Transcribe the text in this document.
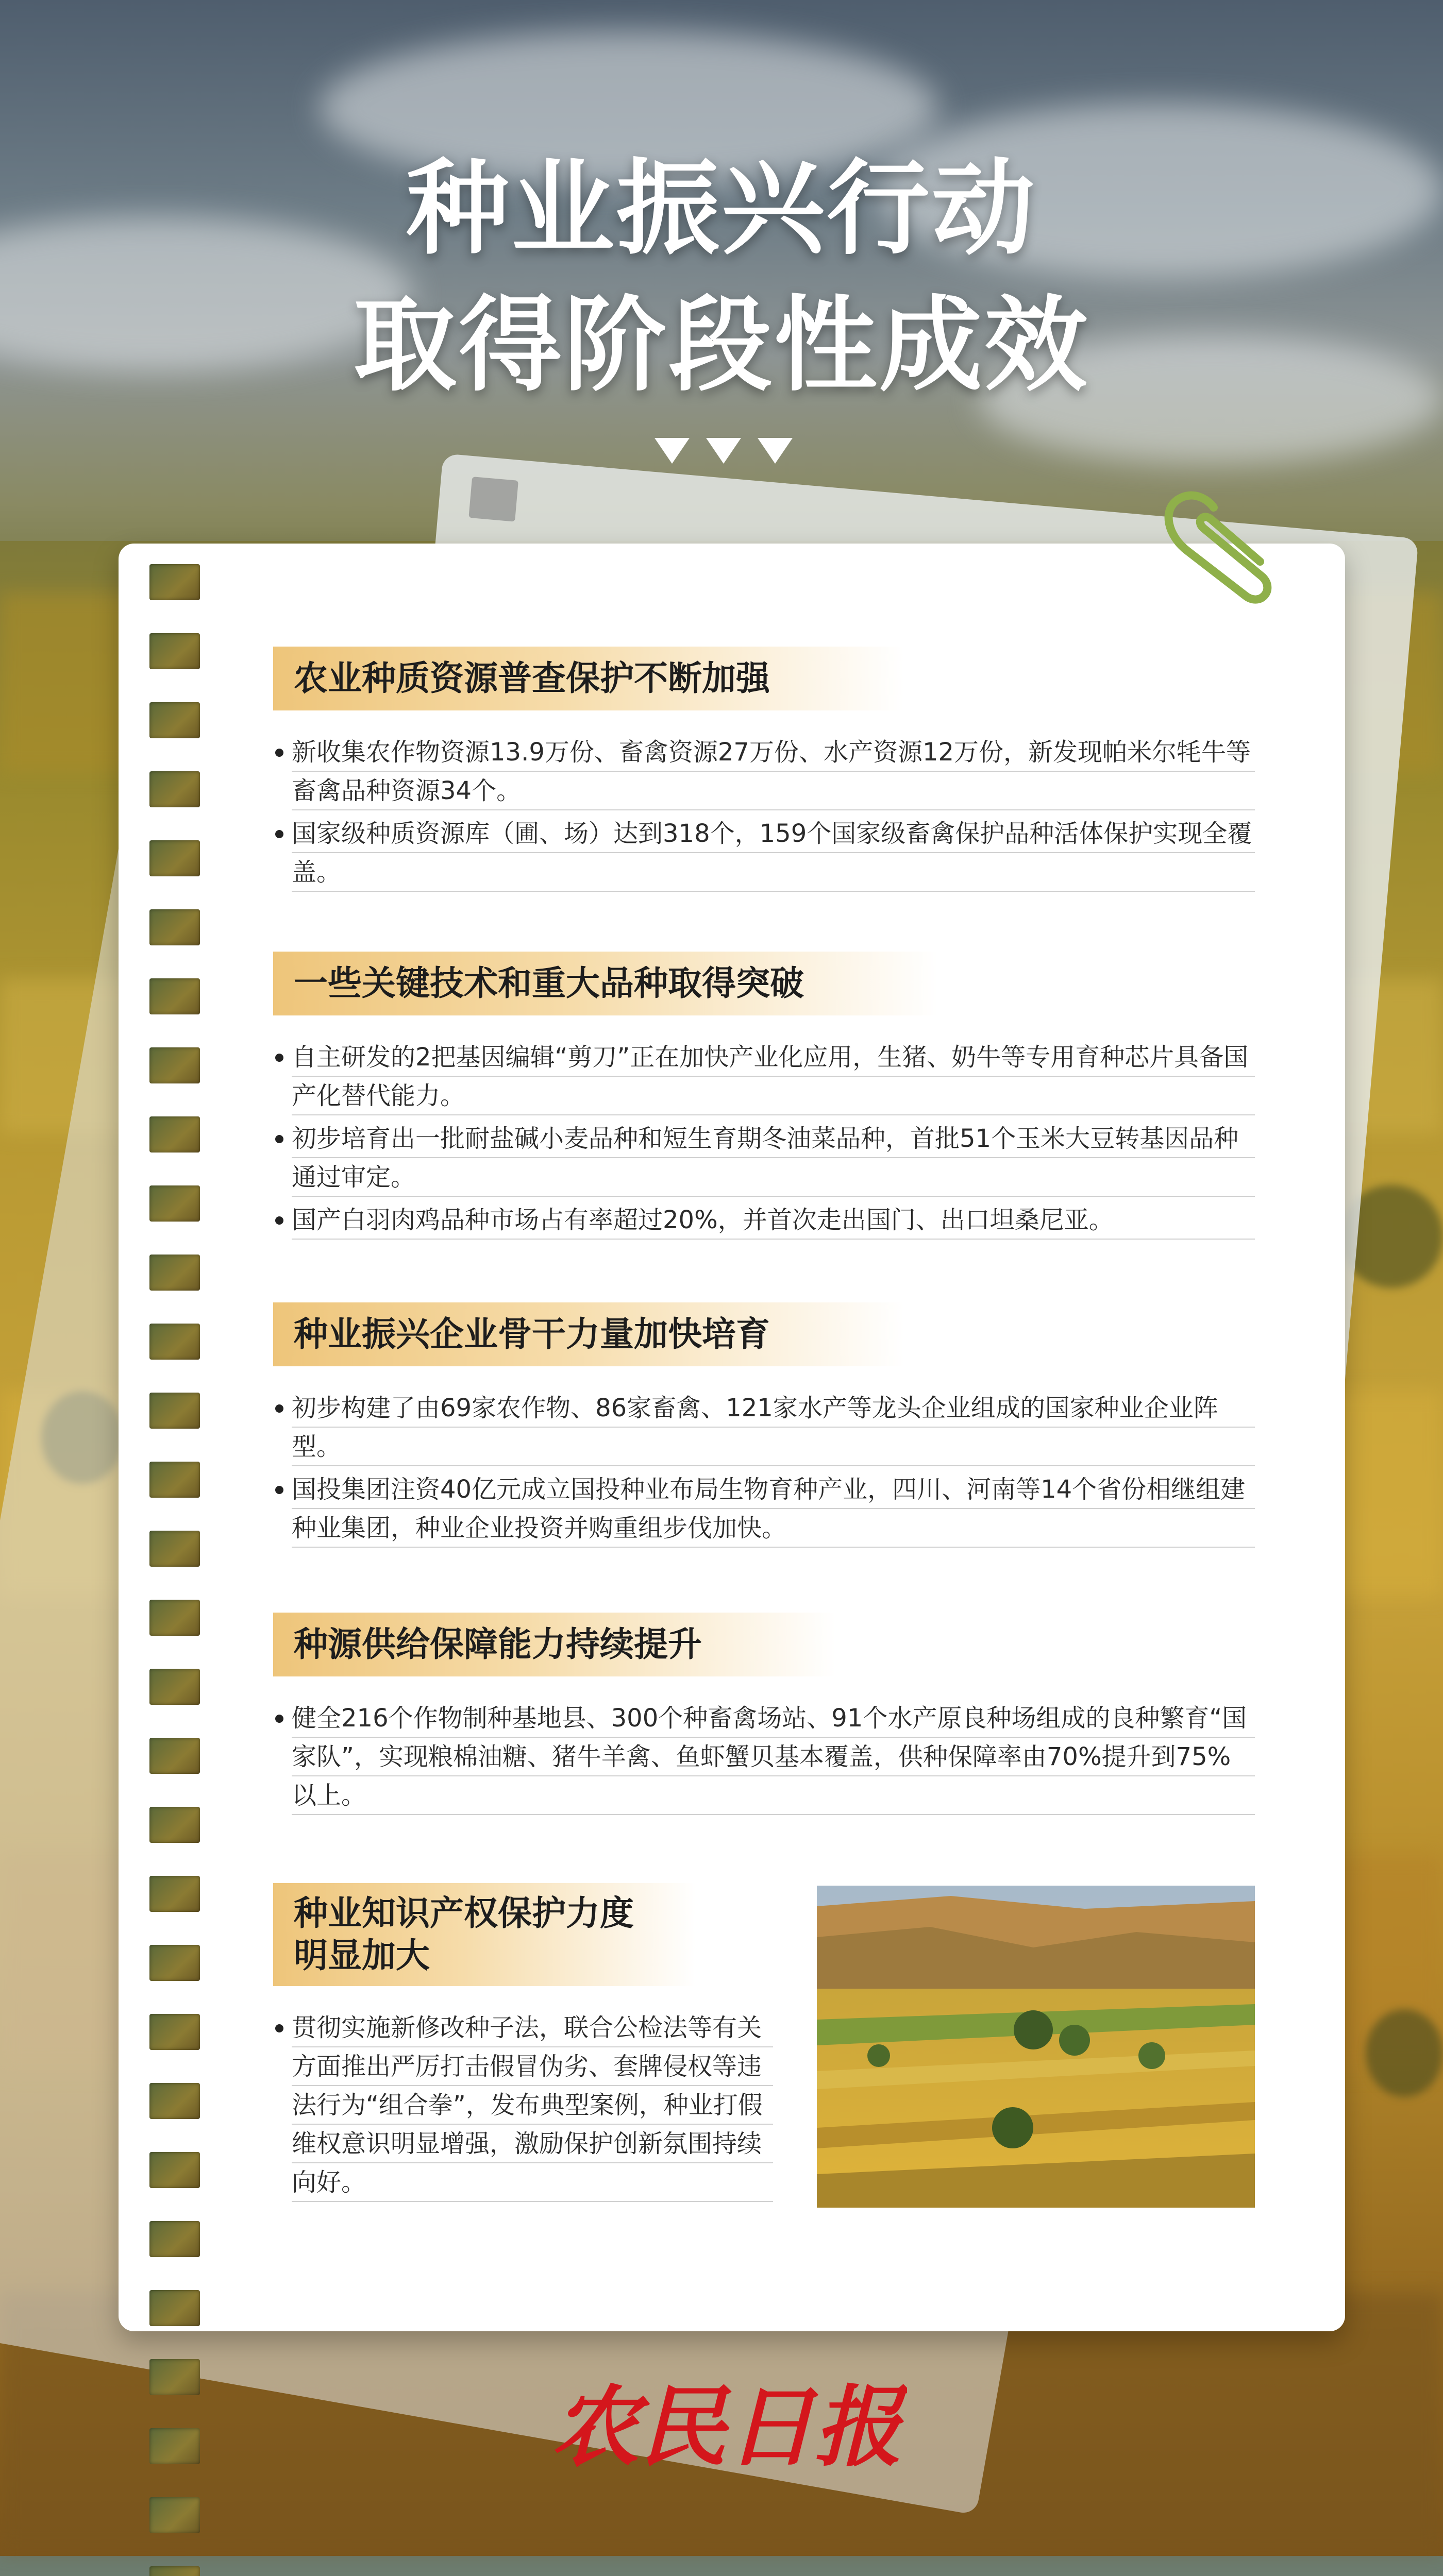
种业振兴行动
取得阶段性成效
农业种质资源普查保护不断加强
新收集农作物资源13.9万份、畜禽资源27万份、水产资源12万份，新发现帕米尔牦牛等畜禽品种资源34个。
国家级种质资源库（圃、场）达到318个，159个国家级畜禽保护品种活体保护实现全覆盖。
一些关键技术和重大品种取得突破
自主研发的2把基因编辑“剪刀”正在加快产业化应用，生猪、奶牛等专用育种芯片具备国产化替代能力。
初步培育出一批耐盐碱小麦品种和短生育期冬油菜品种，首批51个玉米大豆转基因品种通过审定。
国产白羽肉鸡品种市场占有率超过20%，并首次走出国门、出口坦桑尼亚。
种业振兴企业骨干力量加快培育
初步构建了由69家农作物、86家畜禽、121家水产等龙头企业组成的国家种业企业阵型。
国投集团注资40亿元成立国投种业布局生物育种产业，四川、河南等14个省份相继组建种业集团，种业企业投资并购重组步伐加快。
种源供给保障能力持续提升
健全216个作物制种基地县、300个种畜禽场站、91个水产原良种场组成的良种繁育“国家队”，实现粮棉油糖、猪牛羊禽、鱼虾蟹贝基本覆盖，供种保障率由70%提升到75%以上。
种业知识产权保护力度
明显加大
贯彻实施新修改种子法，联合公检法等有关方面推出严厉打击假冒伪劣、套牌侵权等违法行为“组合拳”，发布典型案例，种业打假维权意识明显增强，激励保护创新氛围持续向好。
农民日报
